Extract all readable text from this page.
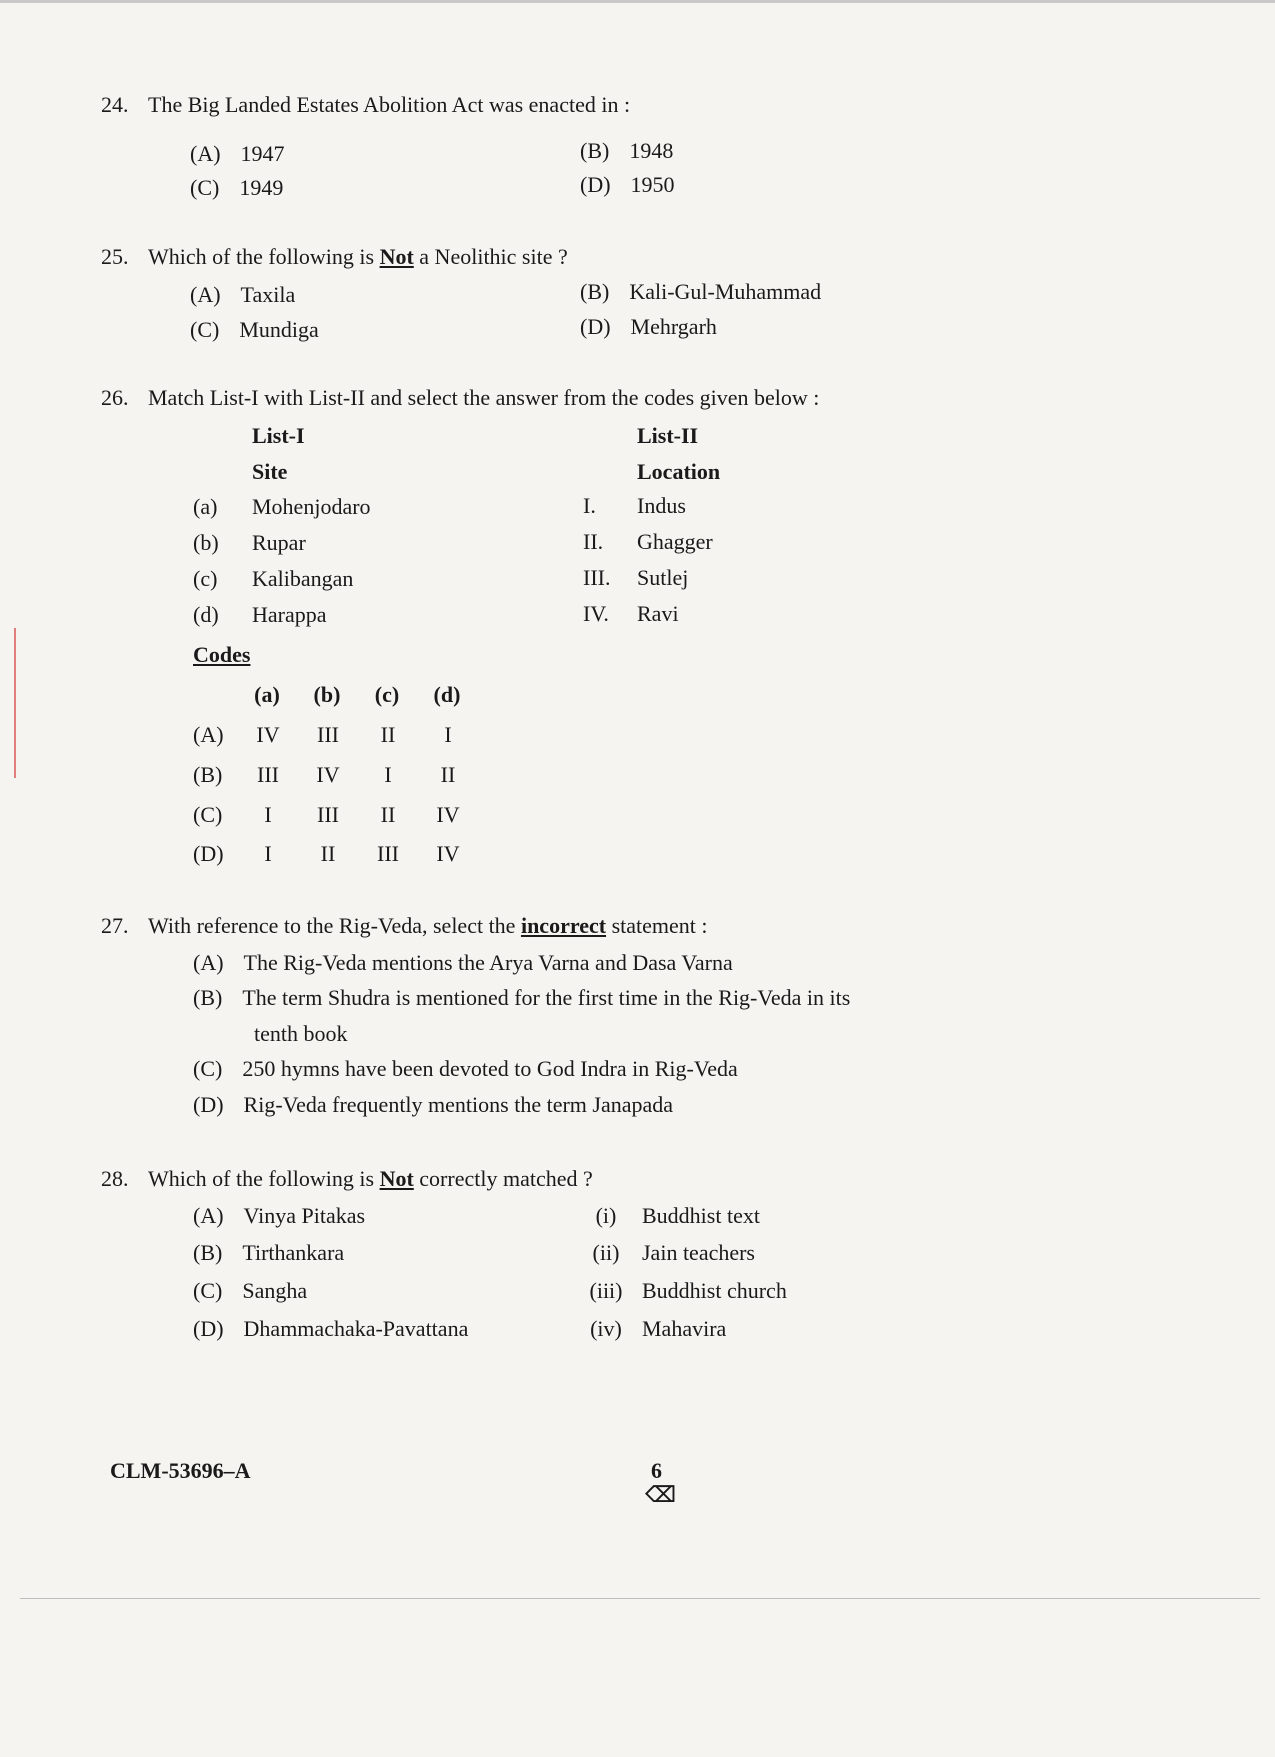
24. The Big Landed Estates Abolition Act was enacted in :
(A) 1947	(B) 1948
(C) 1949	(D) 1950
25. Which of the following is Not a Neolithic site ?
(A) Taxila	(B) Kali-Gul-Muhammad
(C) Mundiga	(D) Mehrgarh
26. Match List-I with List-II and select the answer from the codes given below :
List-I	List-II
Site	Location
(a) Mohenjodaro	I. Indus
(b) Rupar	II. Ghagger
(c) Kalibangan	III. Sutlej
(d) Harappa	IV. Ravi
Codes
(a) (b) (c) (d)
(A) IV III II I
(B) III IV I II
(C) I III II IV
(D) I II III IV
27. With reference to the Rig-Veda, select the incorrect statement :
(A) The Rig-Veda mentions the Arya Varna and Dasa Varna
(B) The term Shudra is mentioned for the first time in the Rig-Veda in its
tenth book
(C) 250 hymns have been devoted to God Indra in Rig-Veda
(D) Rig-Veda frequently mentions the term Janapada
28. Which of the following is Not correctly matched ?
(A) Vinya Pitakas	(i) Buddhist text
(B) Tirthankara	(ii) Jain teachers
(C) Sangha	(iii) Buddhist church
(D) Dhammachaka-Pavattana	(iv) Mahavira
CLM-53696–A	6
⌫
